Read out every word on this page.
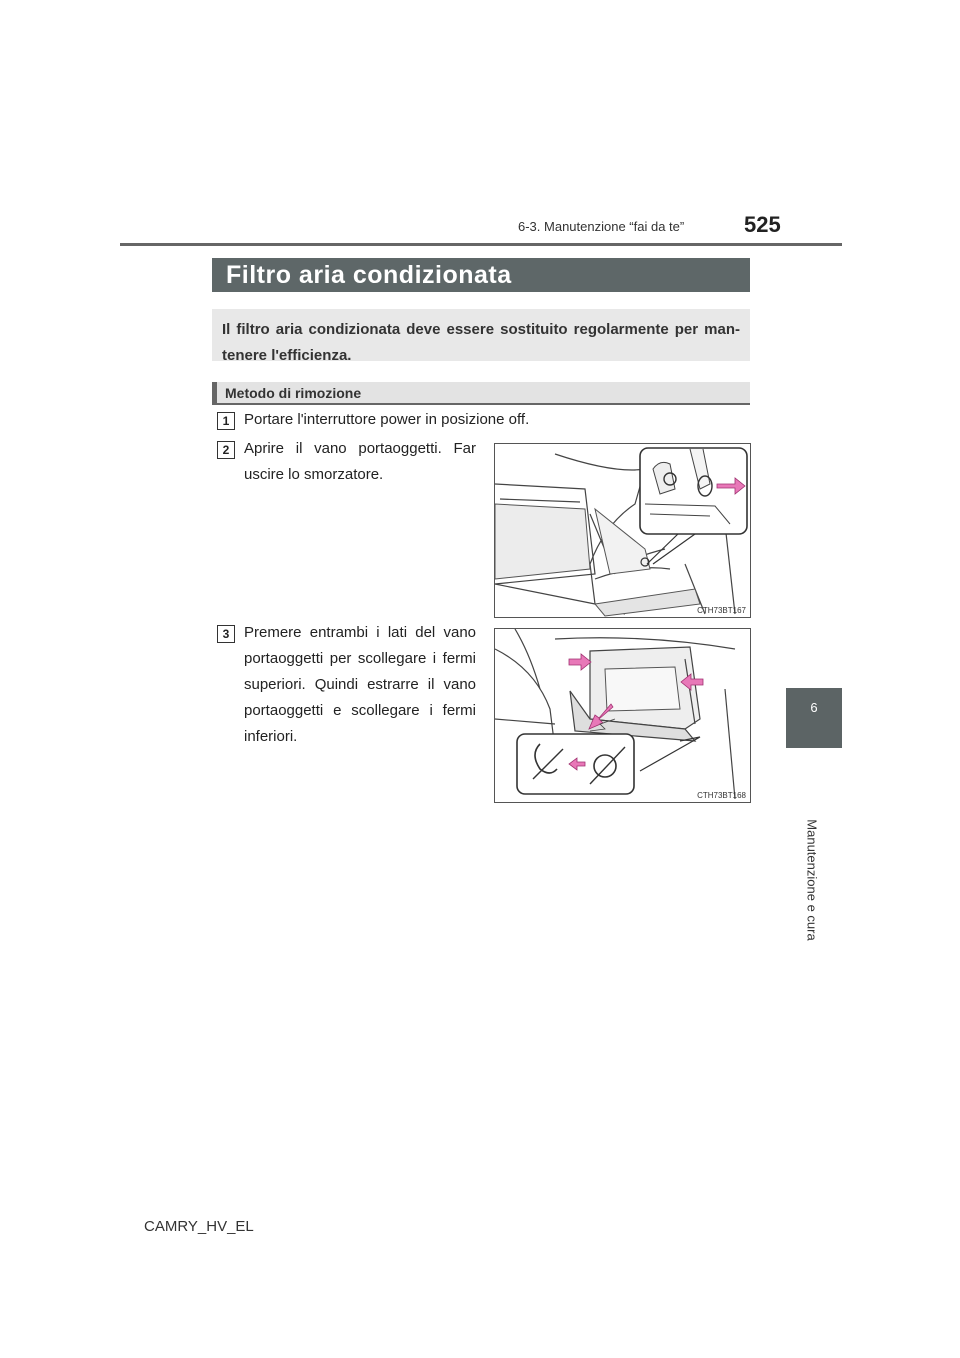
6-3. Manutenzione “fai da te”	525
6
Manutenzione e cura
Filtro aria condizionata
Il filtro aria condizionata deve essere sostituito regolarmente per man-tenere l'efficienza.
Metodo di rimozione
1 Portare l'interruttore power in posizione off.
2 Aprire il vano portaoggetti. Far uscire lo smorzatore.
3 Premere entrambi i lati del vano portaoggetti per scollegare i fermi superiori. Quindi estrarre il vano portaoggetti e scollegare i fermi inferiori.
CTH73BT167
CTH73BT168
CAMRY_HV_EL
